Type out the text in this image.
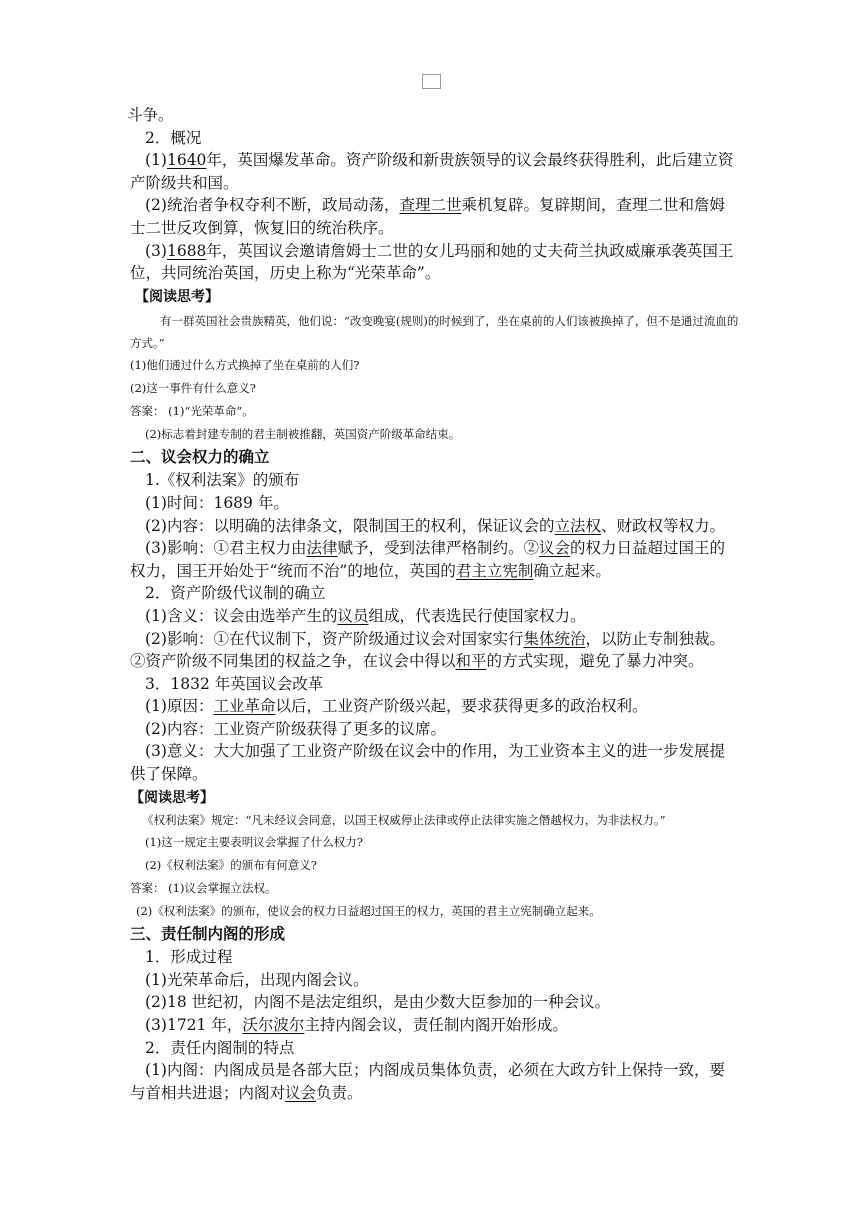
斗争。
2．概况
(1)1640年，英国爆发革命。资产阶级和新贵族领导的议会最终获得胜利，此后建立资产阶级共和国。
(2)统治者争权夺利不断，政局动荡，查理二世乘机复辟。复辟期间，查理二世和詹姆士二世反攻倒算，恢复旧的统治秩序。
(3)1688年，英国议会邀请詹姆士二世的女儿玛丽和她的丈夫荷兰执政威廉承袭英国王位，共同统治英国，历史上称为“光荣革命”。
【阅读思考】
有一群英国社会贵族精英，他们说：“改变晚宴(规则)的时候到了，坐在桌前的人们该被换掉了，但不是通过流血的方式。”
(1)他们通过什么方式换掉了坐在桌前的人们?
(2)这一事件有什么意义?
答案： (1)“光荣革命”。
(2)标志着封建专制的君主制被推翻，英国资产阶级革命结束。
二、议会权力的确立
1.《权利法案》的颁布
(1)时间：1689 年。
(2)内容：以明确的法律条文，限制国王的权利，保证议会的立法权、财政权等权力。
(3)影响：①君主权力由法律赋予，受到法律严格制约。②议会的权力日益超过国王的权力，国王开始处于“统而不治”的地位，英国的君主立宪制确立起来。
2．资产阶级代议制的确立
(1)含义：议会由选举产生的议员组成，代表选民行使国家权力。
(2)影响：①在代议制下，资产阶级通过议会对国家实行集体统治，以防止专制独裁。②资产阶级不同集团的权益之争，在议会中得以和平的方式实现，避免了暴力冲突。
3．1832 年英国议会改革
(1)原因：工业革命以后，工业资产阶级兴起，要求获得更多的政治权利。
(2)内容：工业资产阶级获得了更多的议席。
(3)意义：大大加强了工业资产阶级在议会中的作用，为工业资本主义的进一步发展提供了保障。
【阅读思考】
《权利法案》规定：“凡未经议会同意，以国王权威停止法律或停止法律实施之僭越权力，为非法权力。”
(1)这一规定主要表明议会掌握了什么权力?
(2)《权利法案》的颁布有何意义?
答案： (1)议会掌握立法权。
(2)《权利法案》的颁布，使议会的权力日益超过国王的权力，英国的君主立宪制确立起来。
三、责任制内阁的形成
1．形成过程
(1)光荣革命后，出现内阁会议。
(2)18 世纪初，内阁不是法定组织，是由少数大臣参加的一种会议。
(3)1721 年，沃尔波尔主持内阁会议，责任制内阁开始形成。
2．责任内阁制的特点
(1)内阁：内阁成员是各部大臣；内阁成员集体负责，必须在大政方针上保持一致，要与首相共进退；内阁对议会负责。
